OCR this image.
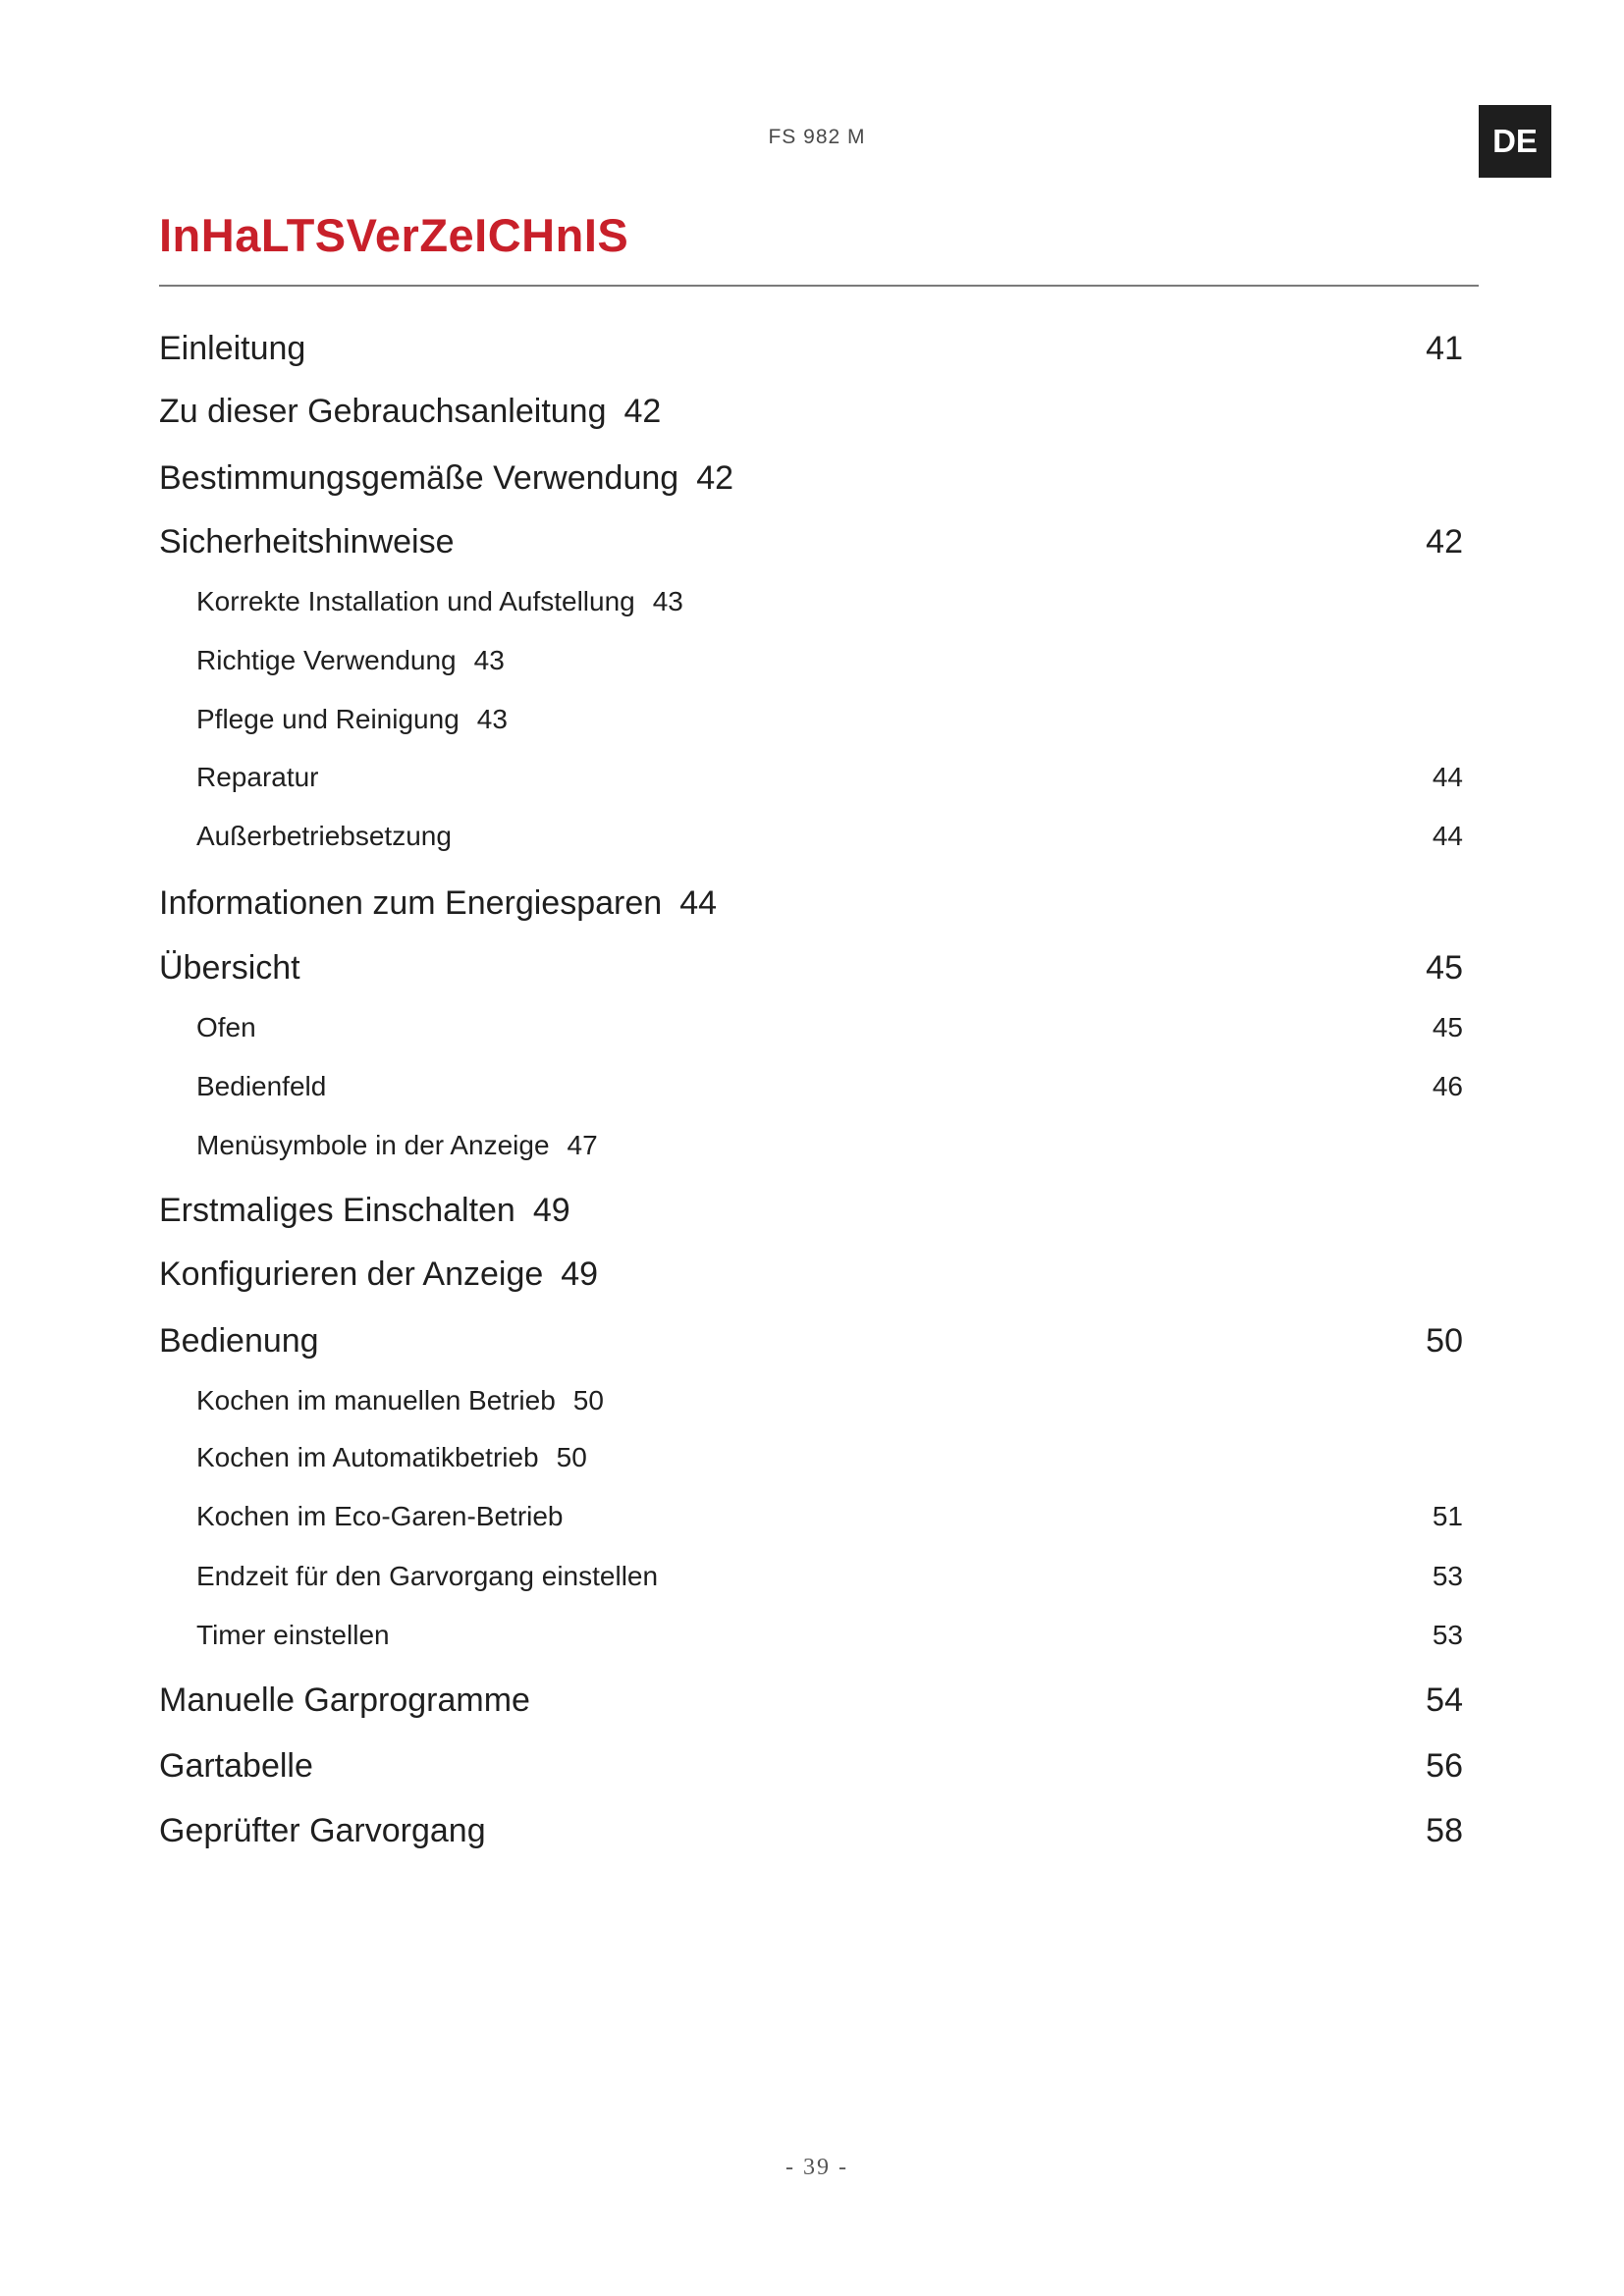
FS 982 M	DE
InHaLTSVerZeICHnIS
Einleitung	41
Zu dieser Gebrauchsanleitung 42
Bestimmungsgemäße Verwendung 42
Sicherheitshinweise	42
Korrekte Installation und Aufstellung 43
Richtige Verwendung 43
Pflege und Reinigung 43
Reparatur	44
Außerbetriebsetzung	44
Informationen zum Energiesparen 44
Übersicht	45
Ofen	45
Bedienfeld	46
Menüsymbole in der Anzeige 47
Erstmaliges Einschalten 49
Konfigurieren der Anzeige 49
Bedienung	50
Kochen im manuellen Betrieb 50
Kochen im Automatikbetrieb 50
Kochen im Eco-Garen-Betrieb	51
Endzeit für den Garvorgang einstellen	53
Timer einstellen	53
Manuelle Garprogramme	54
Gartabelle	56
Geprüfter Garvorgang	58
- 39 -
